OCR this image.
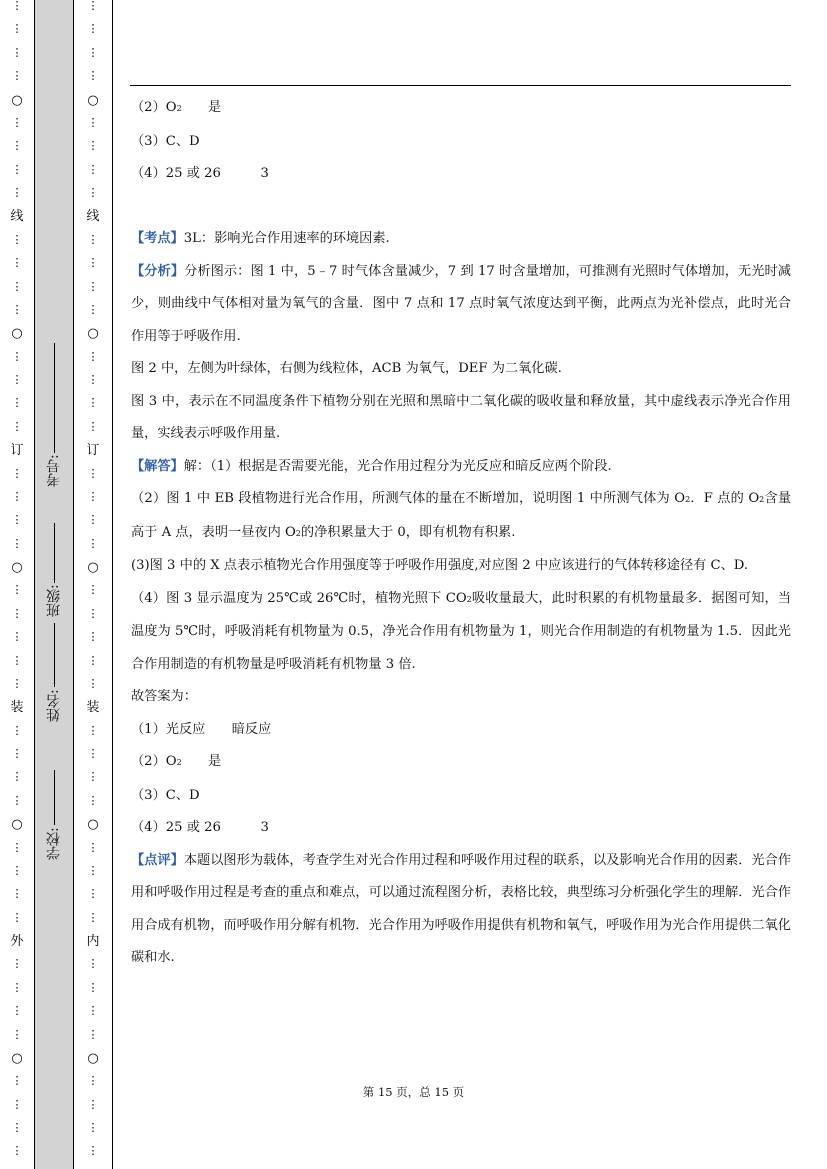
⋮
⋮
⋮
⋮
○
⋮
⋮
⋮
⋮
线
⋮
⋮
⋮
⋮
○
⋮
⋮
⋮
⋮
订
⋮
⋮
⋮
⋮
○
⋮
⋮
⋮
⋮
⋮
装
⋮
⋮
⋮
⋮
○
⋮
⋮
⋮
⋮
外
⋮
⋮
⋮
⋮
○
⋮
⋮
⋮
⋮
⋮
⋮
⋮
⋮
○
⋮
⋮
⋮
⋮
线
⋮
⋮
⋮
⋮
○
⋮
⋮
⋮
⋮
订
⋮
⋮
⋮
⋮
○
⋮
⋮
⋮
⋮
⋮
装
⋮
⋮
⋮
⋮
○
⋮
⋮
⋮
⋮
内
⋮
⋮
⋮
⋮
○
⋮
⋮
⋮
⋮
学校:
姓名:
班级:
考号:

（2）O2　　是

（3）C、D

（4）25 或 26　　　3

【考点】3L：影响光合作用速率的环境因素.

【分析】分析图示：图 1 中，5﹣7 时气体含量减少，7 到 17 时含量增加，可推测有光照时气体增加，无光时减少，则曲线中气体相对量为氧气的含量．图中 7 点和 17 点时氧气浓度达到平衡，此两点为光补偿点，此时光合作用等于呼吸作用.

图 2 中，左侧为叶绿体，右侧为线粒体，ACB 为氧气，DEF 为二氧化碳.

图 3 中，表示在不同温度条件下植物分别在光照和黑暗中二氧化碳的吸收量和释放量，其中虚线表示净光合作用量，实线表示呼吸作用量.

【解答】解：（1）根据是否需要光能，光合作用过程分为光反应和暗反应两个阶段.

（2）图 1 中 EB 段植物进行光合作用，所测气体的量在不断增加，说明图 1 中所测气体为 O2．F 点的 O2含量高于 A 点，表明一昼夜内 O2的净积累量大于 0，即有机物有积累.

(3)图 3 中的 X 点表示植物光合作用强度等于呼吸作用强度,对应图 2 中应该进行的气体转移途径有 C、D.

（4）图 3 显示温度为 25℃或 26℃时，植物光照下 CO2吸收量最大，此时积累的有机物量最多．据图可知，当温度为 5℃时，呼吸消耗有机物量为 0.5，净光合作用有机物量为 1，则光合作用制造的有机物量为 1.5．因此光合作用制造的有机物量是呼吸消耗有机物量 3 倍.

故答案为：

（1）光反应　　暗反应

（2）O2　　是

（3）C、D

（4）25 或 26　　　3

【点评】本题以图形为载体，考查学生对光合作用过程和呼吸作用过程的联系，以及影响光合作用的因素．光合作用和呼吸作用过程是考查的重点和难点，可以通过流程图分析，表格比较，典型练习分析强化学生的理解．光合作用合成有机物，而呼吸作用分解有机物．光合作用为呼吸作用提供有机物和氧气，呼吸作用为光合作用提供二氧化碳和水.

第 15 页，总 15 页
